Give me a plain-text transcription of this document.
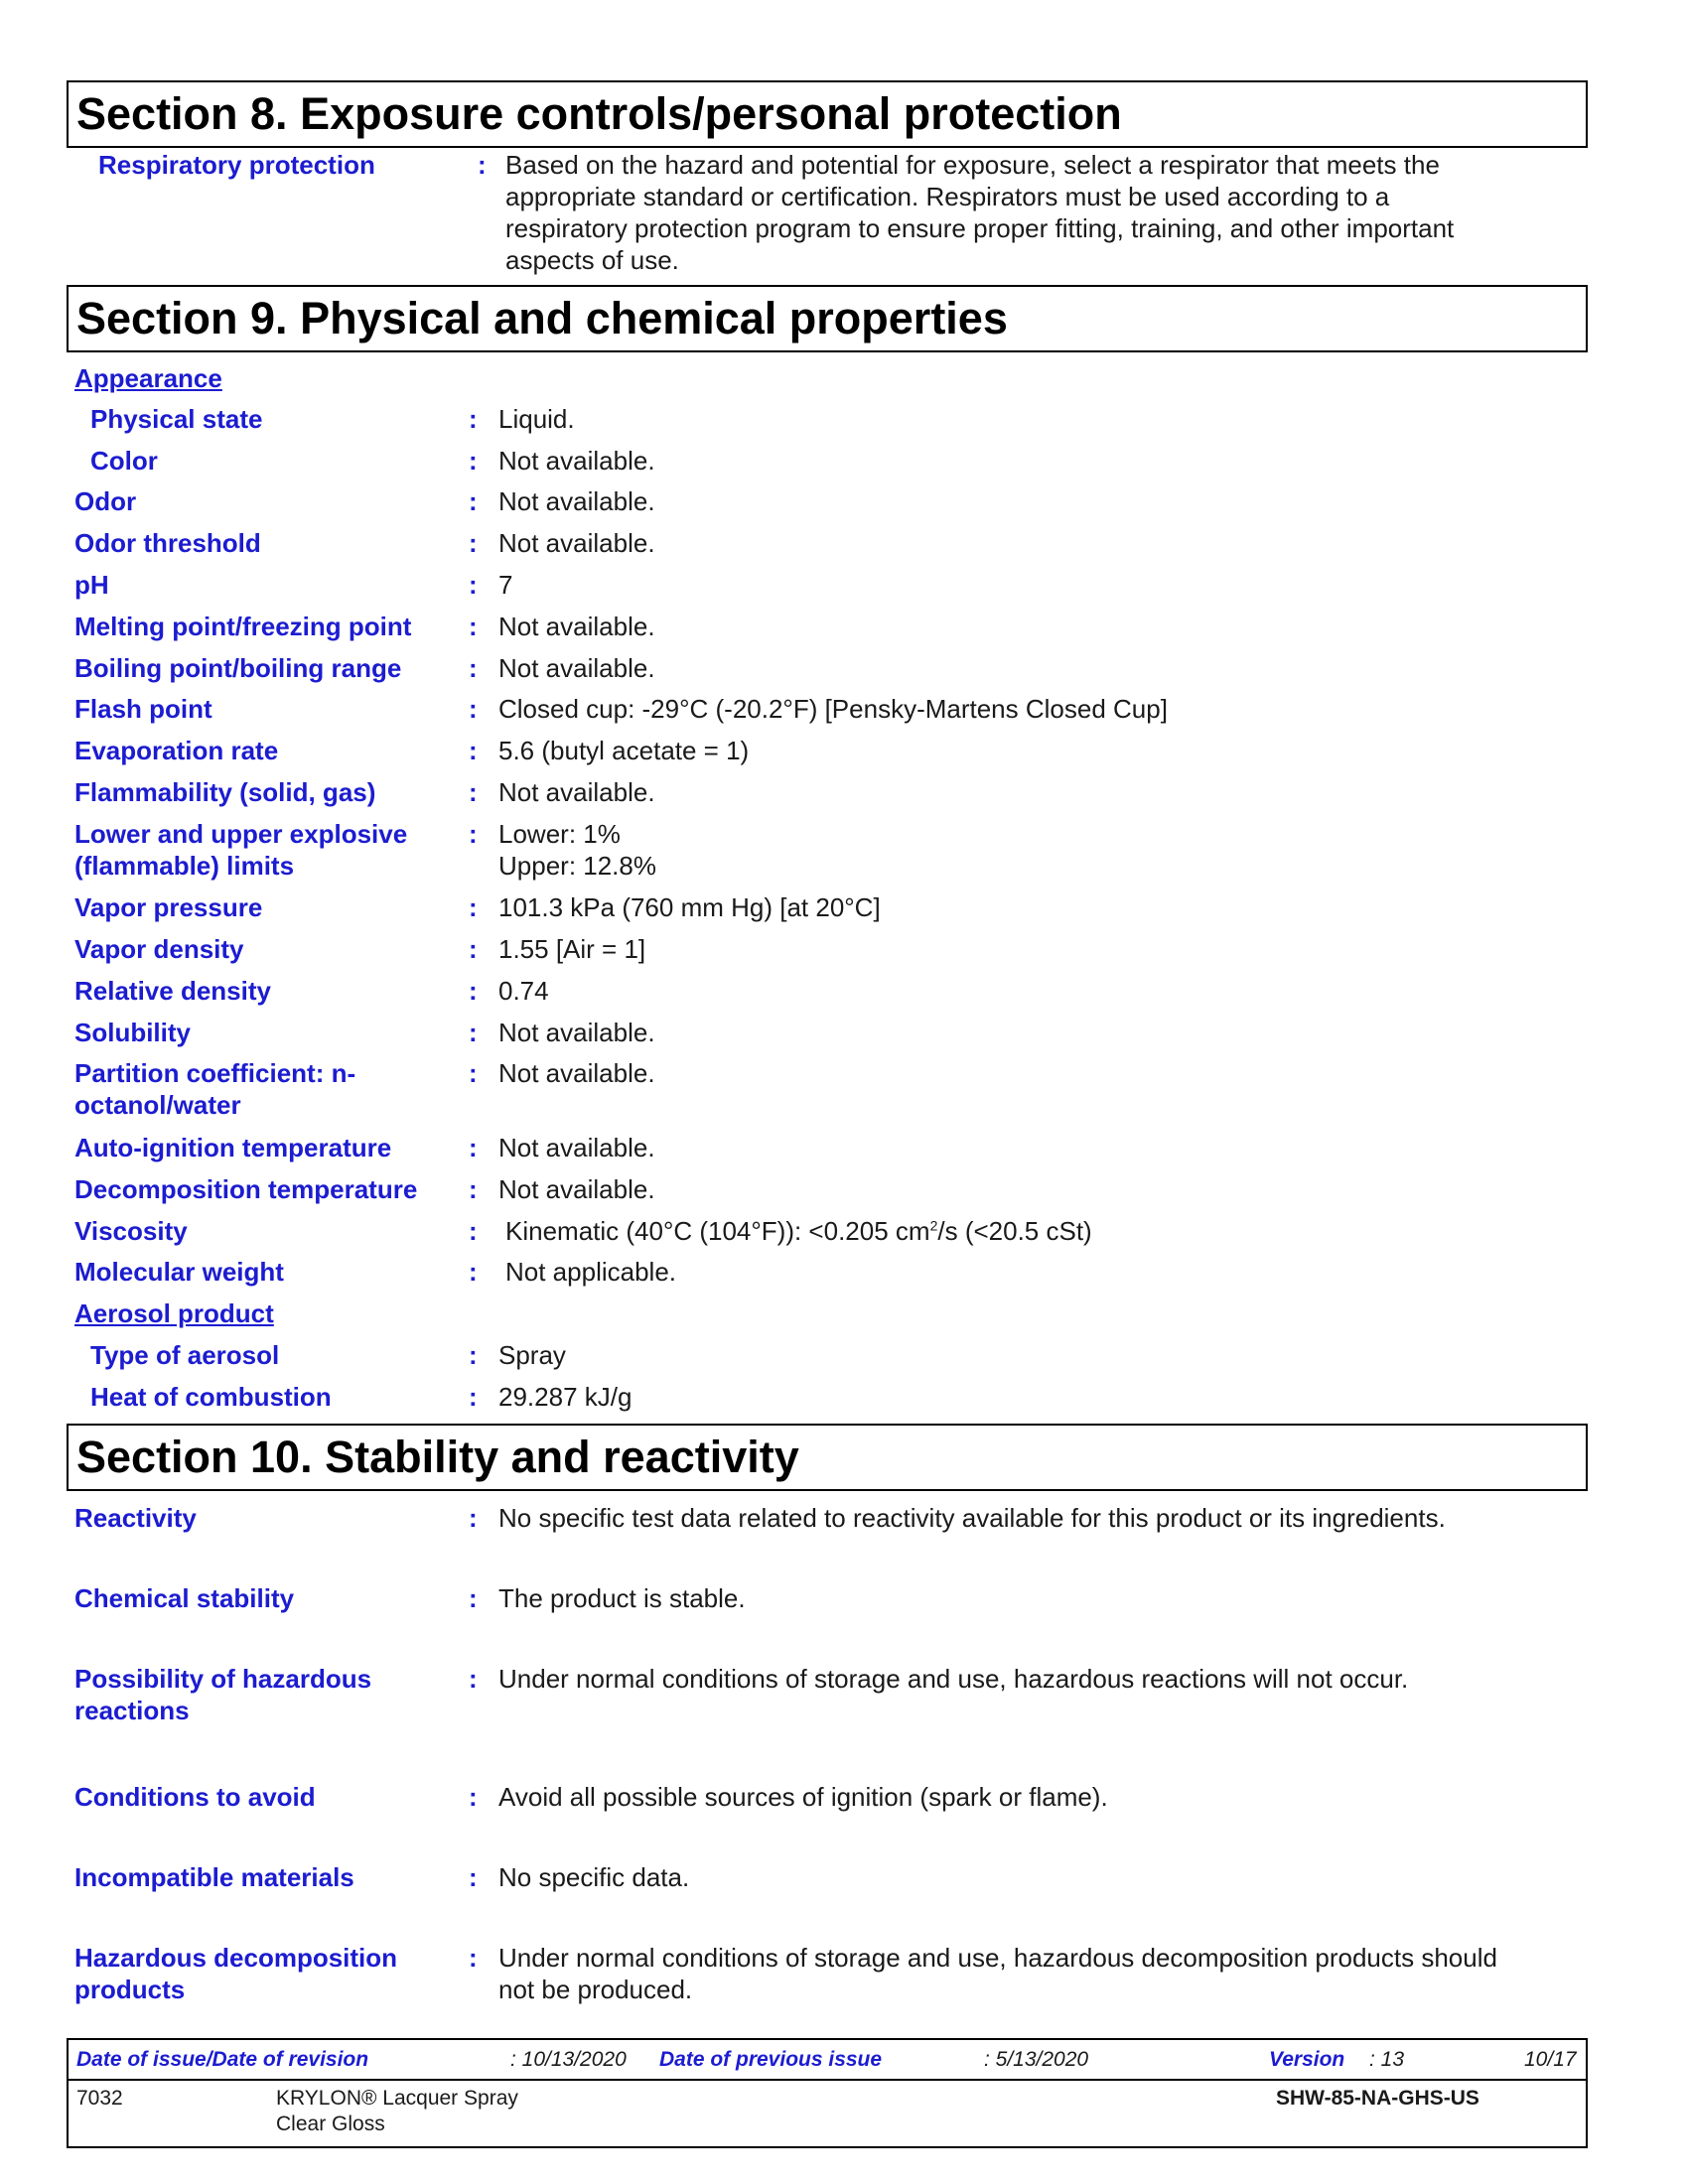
Section 8. Exposure controls/personal protection
Respiratory protection	: Based on the hazard and potential for exposure, select a respirator that meets the
appropriate standard or certification. Respirators must be used according to a
respiratory protection program to ensure proper fitting, training, and other important
aspects of use.
Section 9. Physical and chemical properties
Appearance
Physical state	: Liquid.
Color	: Not available.
Odor	: Not available.
Odor threshold	: Not available.
pH	: 7
Melting point/freezing point	: Not available.
Boiling point/boiling range	: Not available.
Flash point	: Closed cup: -29°C (-20.2°F) [Pensky-Martens Closed Cup]
Evaporation rate	: 5.6 (butyl acetate = 1)
Flammability (solid, gas)	: Not available.
Lower and upper explosive
(flammable) limits
: Lower: 1%
Upper: 12.8%
Vapor pressure	: 101.3 kPa (760 mm Hg) [at 20°C]
Vapor density	: 1.55 [Air = 1]
Relative density	: 0.74
Solubility	: Not available.
Partition coefficient: n-
octanol/water
: Not available.
Auto-ignition temperature	: Not available.
Decomposition temperature	: Not available.
Viscosity	: Kinematic (40°C (104°F)): <0.205 $cm^2/s$ (<20.5 cSt)
Molecular weight	: Not applicable.
Aerosol product
Type of aerosol	: Spray
Heat of combustion	: 29.287 kJ/g
Section 10. Stability and reactivity
Reactivity	: No specific test data related to reactivity available for this product or its ingredients.
Chemical stability	: The product is stable.
Possibility of hazardous
reactions
: Under normal conditions of storage and use, hazardous reactions will not occur.
Conditions to avoid	: Avoid all possible sources of ignition (spark or flame).
Incompatible materials	: No specific data.
Hazardous decomposition
products
: Under normal conditions of storage and use, hazardous decomposition products should
not be produced.
Date of issue/Date of revision	: 10/13/2020 Date of previous issue	: 5/13/2020	Version : 13	10/17
7032	KRYLON® Lacquer Spray
Clear Gloss
SHW-85-NA-GHS-US
